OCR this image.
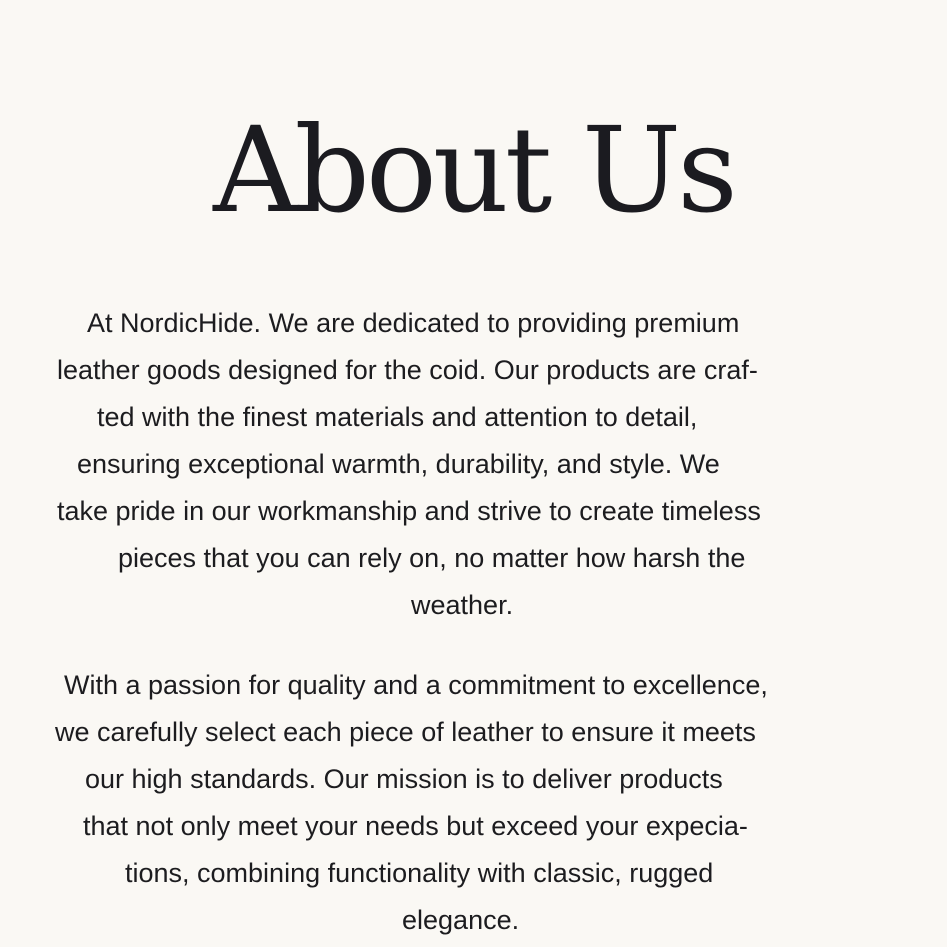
About Us
At NordicHide. We are dedicated to providing premium
leather goods designed for the coid. Our products are craf-
ted with the finest materials and attention to detail,
ensuring exceptional warmth, durability, and style. We
take pride in our workmanship and strive to create timeless
pieces that you can rely on, no matter how harsh the
weather.
With a passion for quality and a commitment to excellence,
we carefully select each piece of leather to ensure it meets
our high standards. Our mission is to deliver products
that not only meet your needs but exceed your expecia-
tions, combining functionality with classic, rugged
elegance.
